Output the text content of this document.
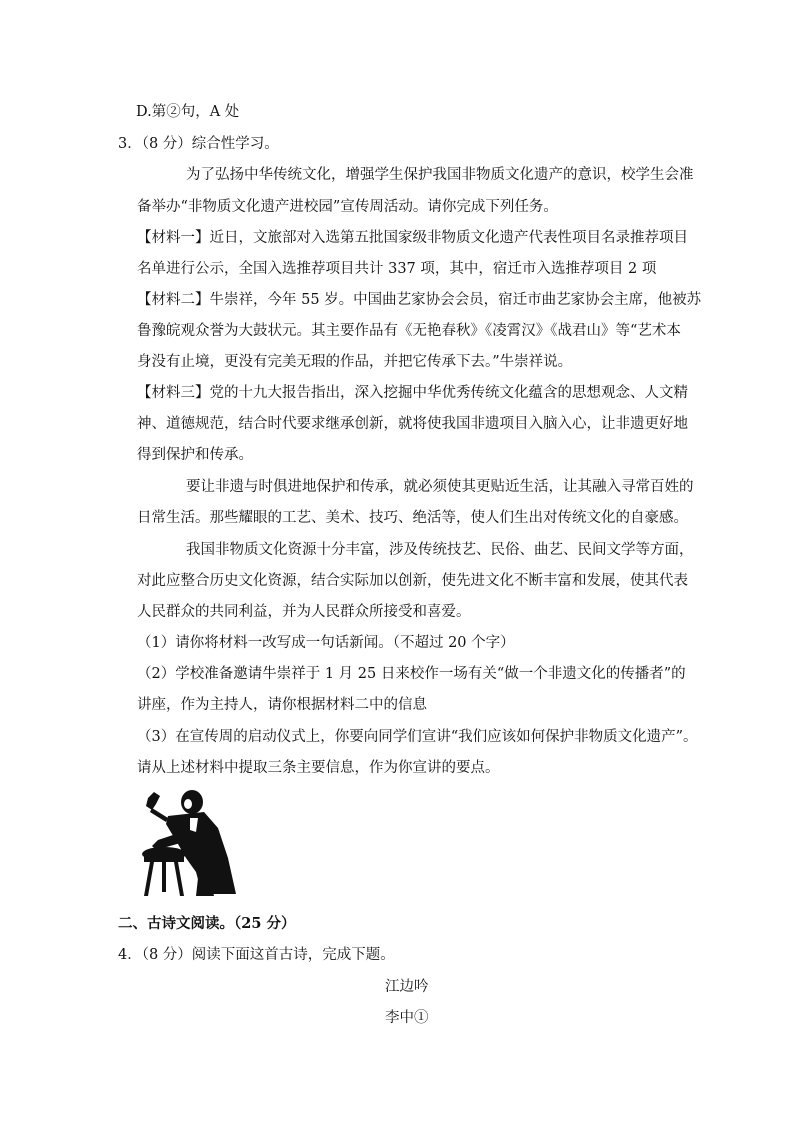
D.第②句，A 处
3．（8 分）综合性学习。
为了弘扬中华传统文化，增强学生保护我国非物质文化遗产的意识，校学生会准
备举办“非物质文化遗产进校园”宣传周活动。请你完成下列任务。
【材料一】近日，文旅部对入选第五批国家级非物质文化遗产代表性项目名录推荐项目
名单进行公示，全国入选推荐项目共计 337 项，其中，宿迁市入选推荐项目 2 项
【材料二】牛崇祥，今年 55 岁。中国曲艺家协会会员，宿迁市曲艺家协会主席，他被苏
鲁豫皖观众誉为大鼓状元。其主要作品有《无艳春秋》《凌霄汉》《战君山》等“艺术本
身没有止境，更没有完美无瑕的作品，并把它传承下去。”牛崇祥说。
【材料三】党的十九大报告指出，深入挖掘中华优秀传统文化蕴含的思想观念、人文精
神、道德规范，结合时代要求继承创新，就将使我国非遗项目入脑入心，让非遗更好地
得到保护和传承。
要让非遗与时俱进地保护和传承，就必须使其更贴近生活，让其融入寻常百姓的
日常生活。那些耀眼的工艺、美术、技巧、绝活等，使人们生出对传统文化的自豪感。
我国非物质文化资源十分丰富，涉及传统技艺、民俗、曲艺、民间文学等方面，
对此应整合历史文化资源，结合实际加以创新，使先进文化不断丰富和发展，使其代表
人民群众的共同利益，并为人民群众所接受和喜爱。
（1）请你将材料一改写成一句话新闻。（不超过 20 个字）
（2）学校准备邀请牛崇祥于 1 月 25 日来校作一场有关“做一个非遗文化的传播者”的
讲座，作为主持人，请你根据材料二中的信息
（3）在宣传周的启动仪式上，你要向同学们宣讲“我们应该如何保护非物质文化遗产”。
请从上述材料中提取三条主要信息，作为你宣讲的要点。
二、古诗文阅读。（25 分）
4．（8 分）阅读下面这首古诗，完成下题。
江边吟
李中①
